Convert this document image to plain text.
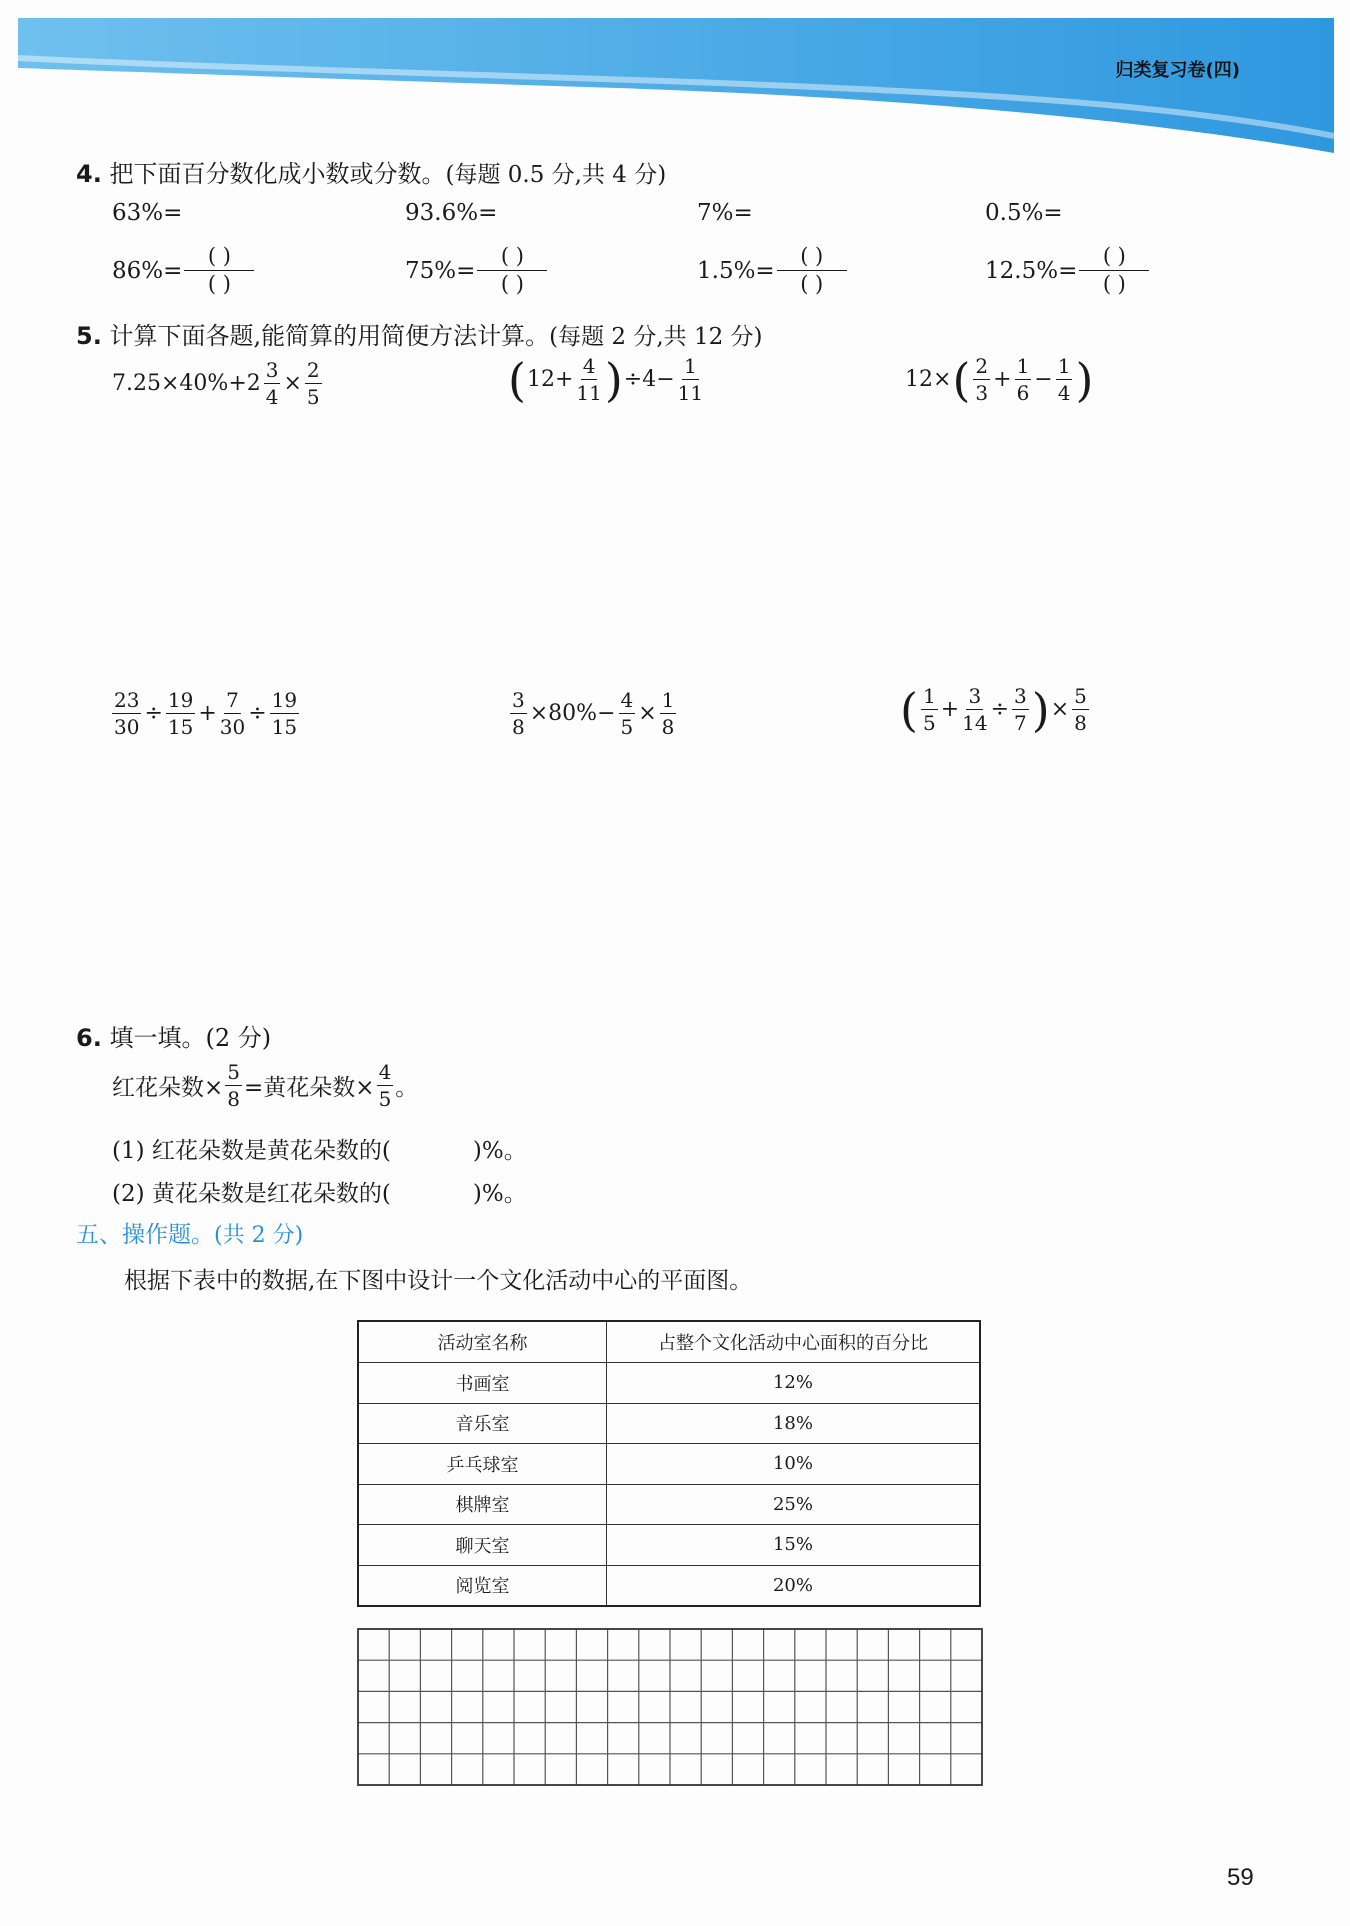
归类复习卷(四)
4. 把下面百分数化成小数或分数。(每题 0.5 分,共 4 分)
63%=	93.6%=	7%=	0.5%=
$86\%= \frac{( )}{( )}$	$75\%= \frac{( )}{( )}$	$1.5\%= \frac{( )}{( )}$	$12.5\%= \frac{( )}{( )}$
5. 计算下面各题,能简算的用简便方法计算。(每题 2 分,共 12 分)
$7.25\times 40\%+2 \frac{3}{4} \times \frac{2}{5}$	( $12+ \frac{4}{11}$ ) $\div 4- \frac{1}{11}$	12× ( $\frac{2}{3} + \frac{1}{6} - \frac{1}{4}$ )
$\frac{23}{30} \div \frac{19}{15} + \frac{7}{30} \div \frac{19}{15}$	$\frac{3}{8} \times 80\%- \frac{4}{5} \times \frac{1}{8}$	( $\frac{1}{5} + \frac{3}{14} \div \frac{3}{7}$ ) × $\frac{5}{8}$
6. 填一填。(2 分)
红花朵数× $\frac{5}{8}$ =黄花朵数× $\frac{4}{5}$ 。
(1) 红花朵数是黄花朵数的(	)%。
(2) 黄花朵数是红花朵数的(	)%。
五、操作题。(共 2 分)
根据下表中的数据,在下图中设计一个文化活动中心的平面图。
活动室名称	占整个文化活动中心面积的百分比
书画室	12%
音乐室	18%
乒乓球室	10%
棋牌室	25%
聊天室	15%
阅览室	20%
59
